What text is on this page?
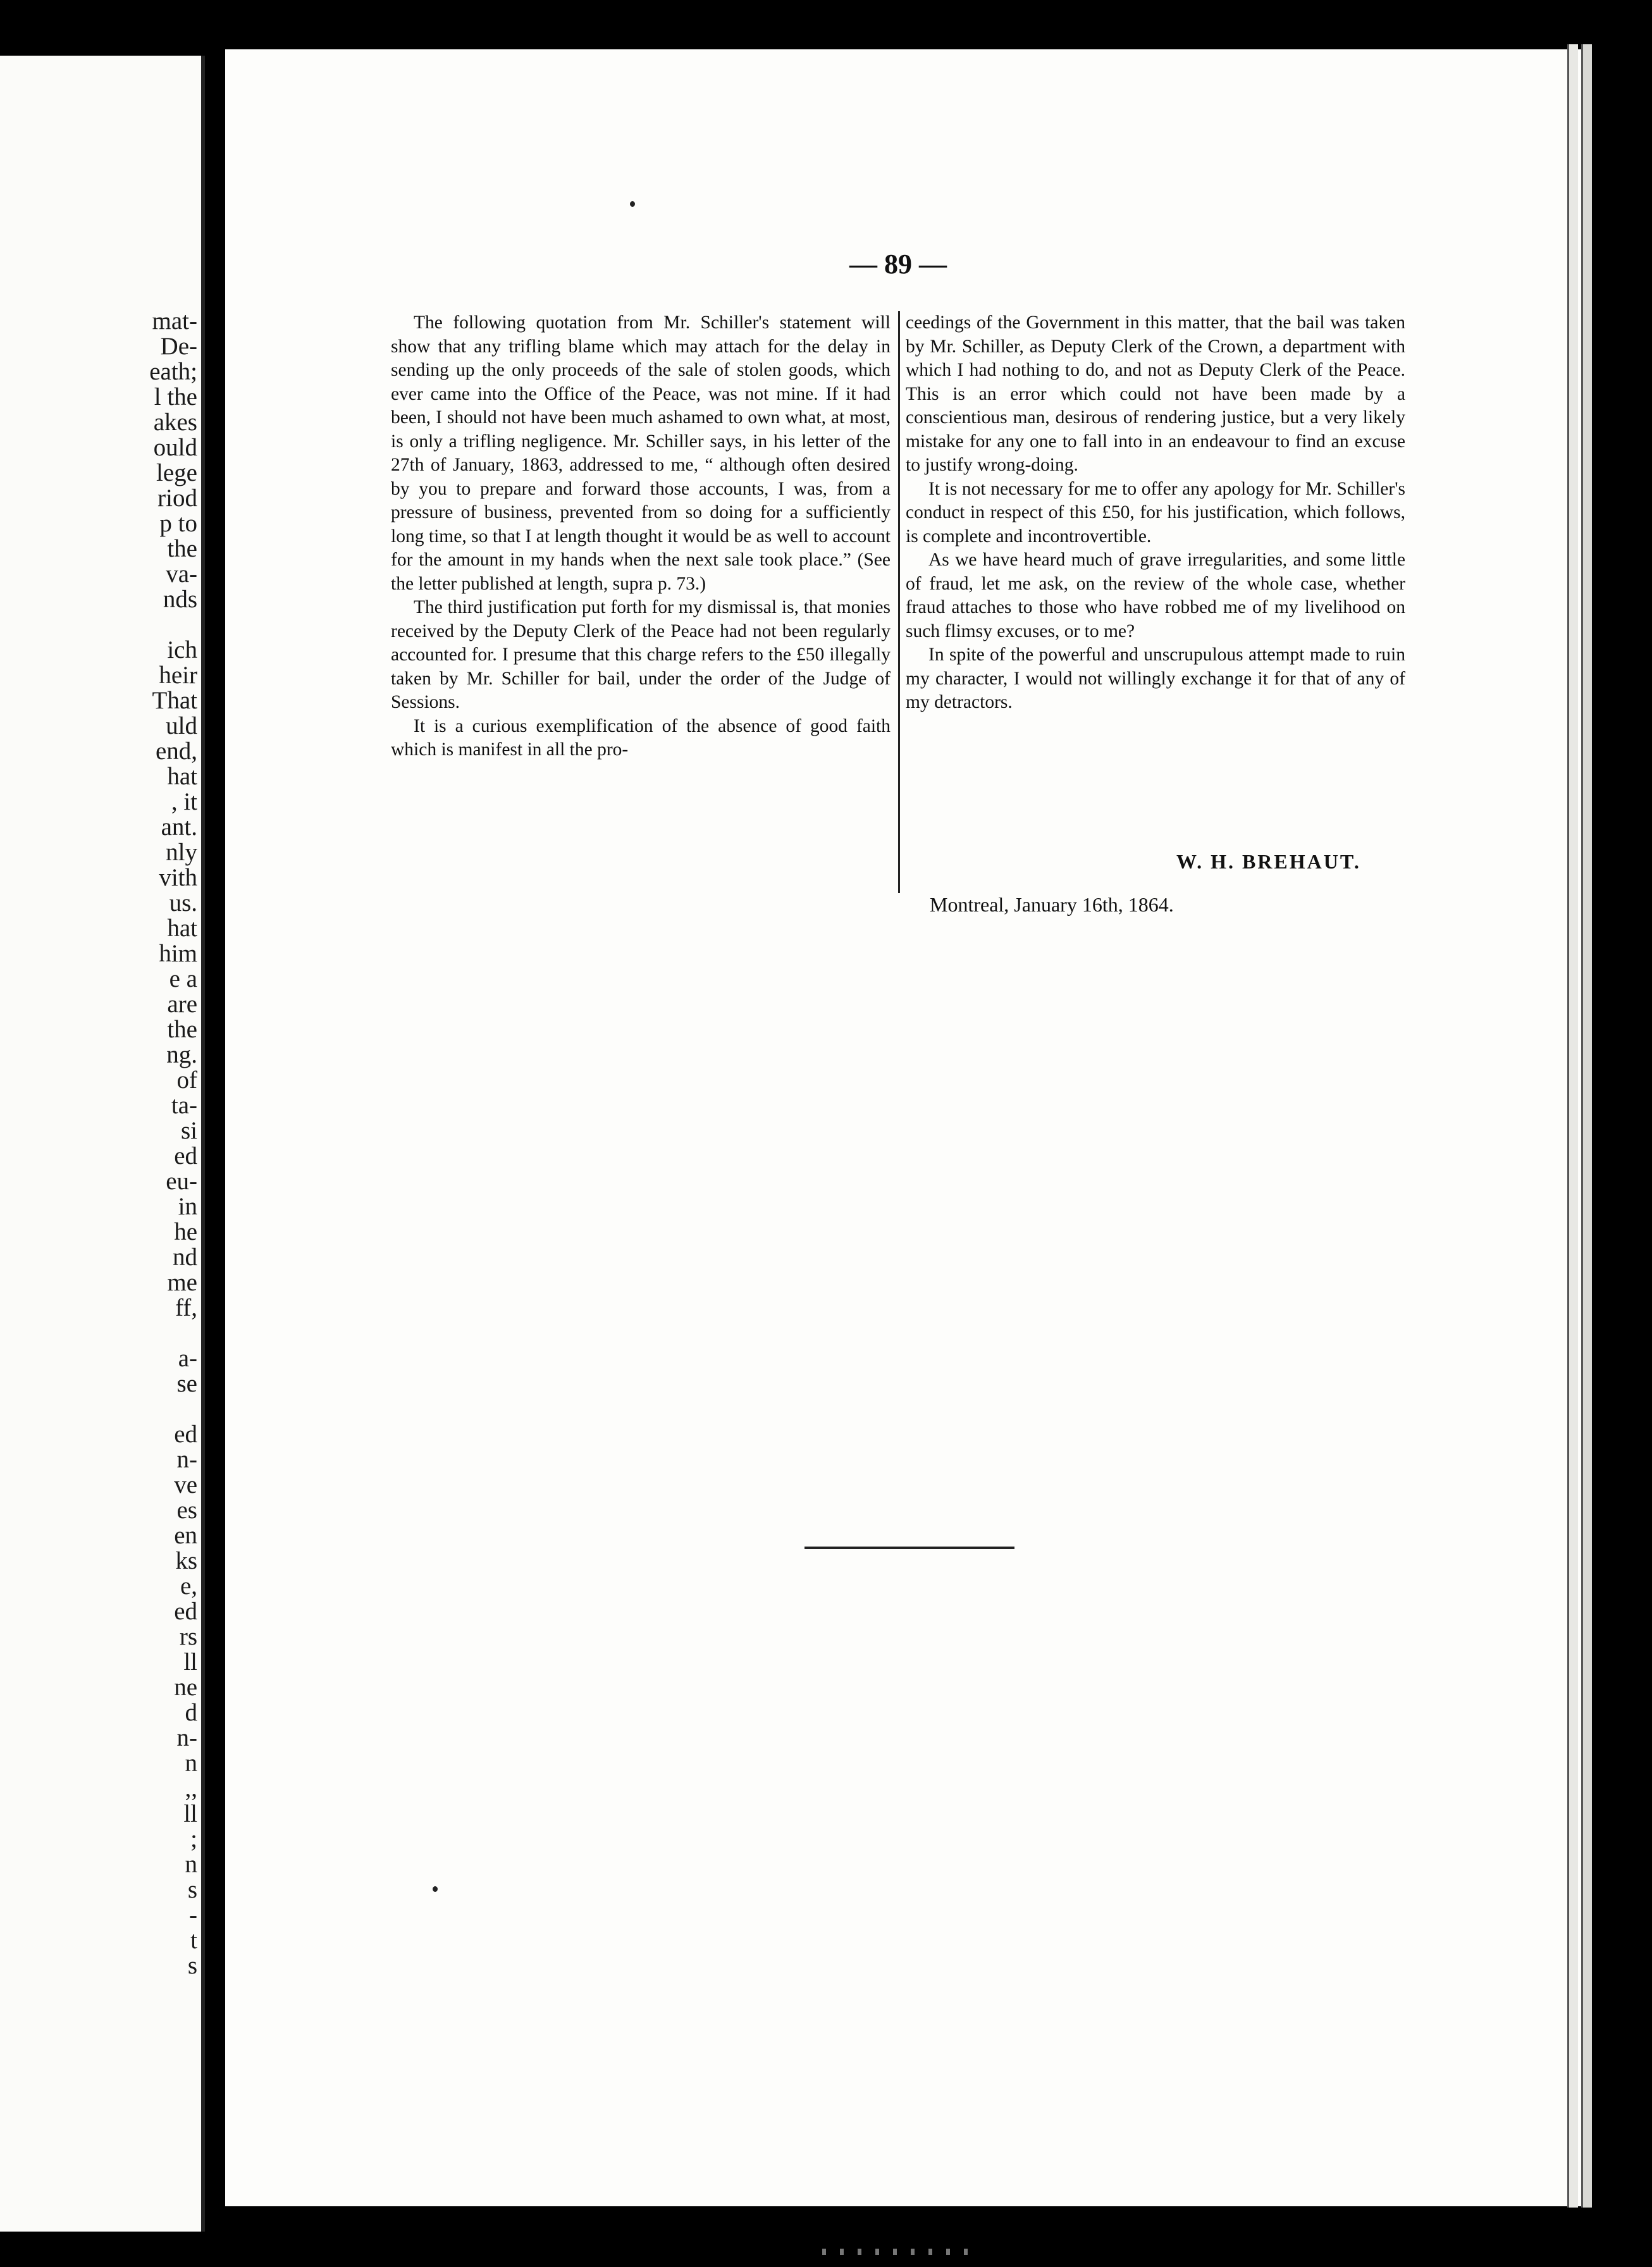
mat-
De-
eath;
l the
akes
ould
lege
riod
p to
the
va-
nds

ich
heir
That
uld
end,
hat
, it
ant.
nly
vith
us.
hat
him
e a
are
the
ng.
of
ta-
si
ed
eu-
in
he
nd
me
ff,

a-
se

ed
n-
ve
es
en
ks
e,
ed
rs
ll
ne
d
n-
n
,,
ll
;
n
s
-
t
s
— 89 —

The following quotation from Mr. Schiller's statement will show that any trifling blame which may attach for the delay in sending up the only proceeds of the sale of stolen goods, which ever came into the Office of the Peace, was not mine. If it had been, I should not have been much ashamed to own what, at most, is only a trifling negligence. Mr. Schiller says, in his letter of the 27th of January, 1863, addressed to me, “ although often desired by you to prepare and forward those accounts, I was, from a pressure of business, prevented from so doing for a sufficiently long time, so that I at length thought it would be as well to account for the amount in my hands when the next sale took place.” (See the letter published at length, supra p. 73.)

The third justification put forth for my dismissal is, that monies received by the Deputy Clerk of the Peace had not been regularly accounted for. I presume that this charge refers to the £50 illegally taken by Mr. Schiller for bail, under the order of the Judge of Sessions.

It is a curious exemplification of the absence of good faith which is manifest in all the pro-

ceedings of the Government in this matter, that the bail was taken by Mr. Schiller, as Deputy Clerk of the Crown, a department with which I had nothing to do, and not as Deputy Clerk of the Peace. This is an error which could not have been made by a conscientious man, desirous of rendering justice, but a very likely mistake for any one to fall into in an endeavour to find an excuse to justify wrong-doing.

It is not necessary for me to offer any apology for Mr. Schiller's conduct in respect of this £50, for his justification, which follows, is complete and incontrovertible.

As we have heard much of grave irregularities, and some little of fraud, let me ask, on the review of the whole case, whether fraud attaches to those who have robbed me of my livelihood on such flimsy excuses, or to me?

In spite of the powerful and unscrupulous attempt made to ruin my character, I would not willingly exchange it for that of any of my detractors.

W. H. BREHAUT.
Montreal, January 16th, 1864.
